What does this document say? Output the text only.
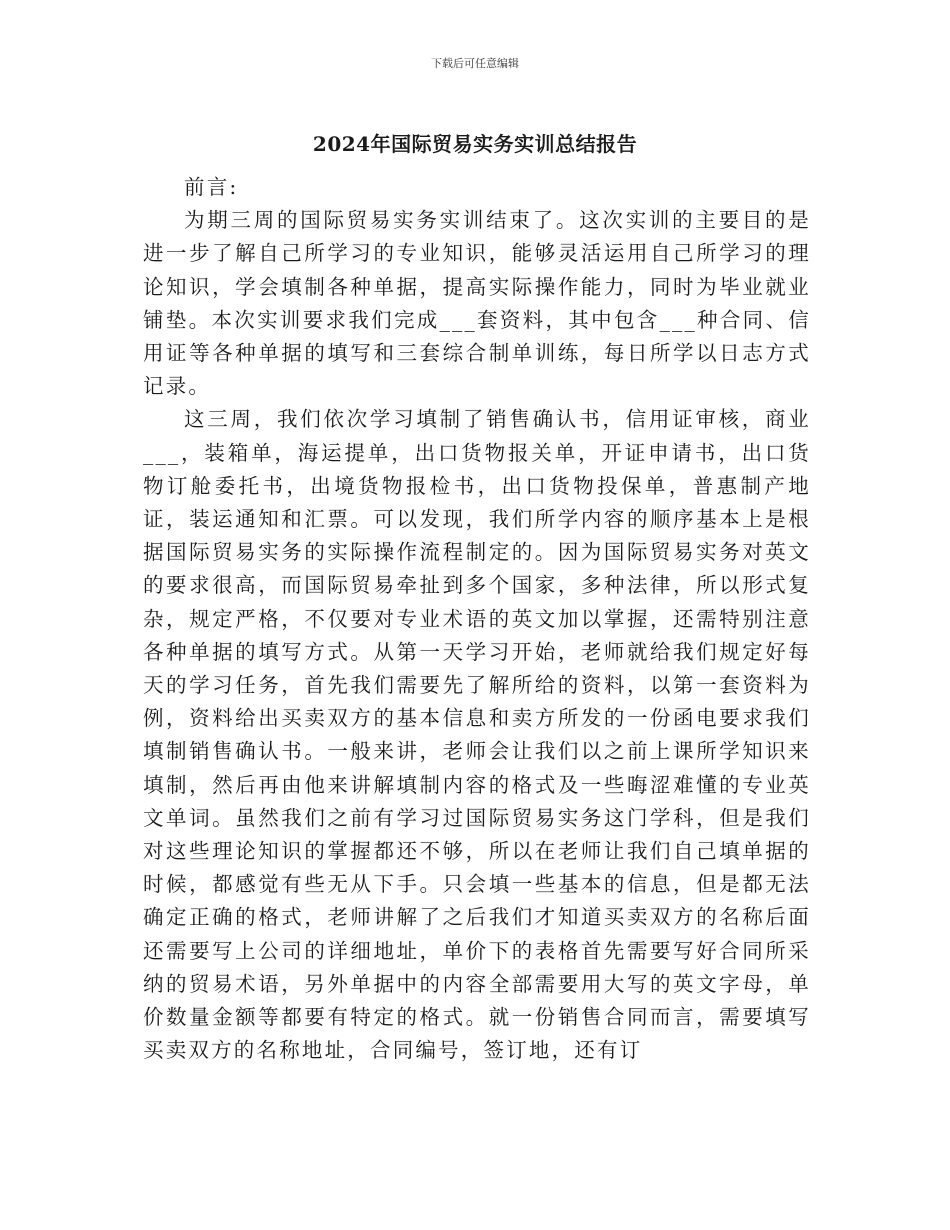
下载后可任意编辑
2024年国际贸易实务实训总结报告

前言:

为期三周的国际贸易实务实训结束了。这次实训的主要目的是进一步了解自己所学习的专业知识，能够灵活运用自己所学习的理论知识，学会填制各种单据，提高实际操作能力，同时为毕业就业铺垫。本次实训要求我们完成___套资料，其中包含___种合同、信用证等各种单据的填写和三套综合制单训练，每日所学以日志方式记录。

这三周，我们依次学习填制了销售确认书，信用证审核，商业___，装箱单，海运提单，出口货物报关单，开证申请书，出口货物订舱委托书，出境货物报检书，出口货物投保单，普惠制产地证，装运通知和汇票。可以发现，我们所学内容的顺序基本上是根据国际贸易实务的实际操作流程制定的。因为国际贸易实务对英文的要求很高，而国际贸易牵扯到多个国家，多种法律，所以形式复杂，规定严格，不仅要对专业术语的英文加以掌握，还需特别注意各种单据的填写方式。从第一天学习开始，老师就给我们规定好每天的学习任务，首先我们需要先了解所给的资料，以第一套资料为例，资料给出买卖双方的基本信息和卖方所发的一份函电要求我们填制销售确认书。一般来讲，老师会让我们以之前上课所学知识来填制，然后再由他来讲解填制内容的格式及一些晦涩难懂的专业英文单词。虽然我们之前有学习过国际贸易实务这门学科，但是我们对这些理论知识的掌握都还不够，所以在老师让我们自己填单据的时候，都感觉有些无从下手。只会填一些基本的信息，但是都无法确定正确的格式，老师讲解了之后我们才知道买卖双方的名称后面还需要写上公司的详细地址，单价下的表格首先需要写好合同所采纳的贸易术语，另外单据中的内容全部需要用大写的英文字母，单价数量金额等都要有特定的格式。就一份销售合同而言，需要填写买卖双方的名称地址，合同编号，签订地，还有订
